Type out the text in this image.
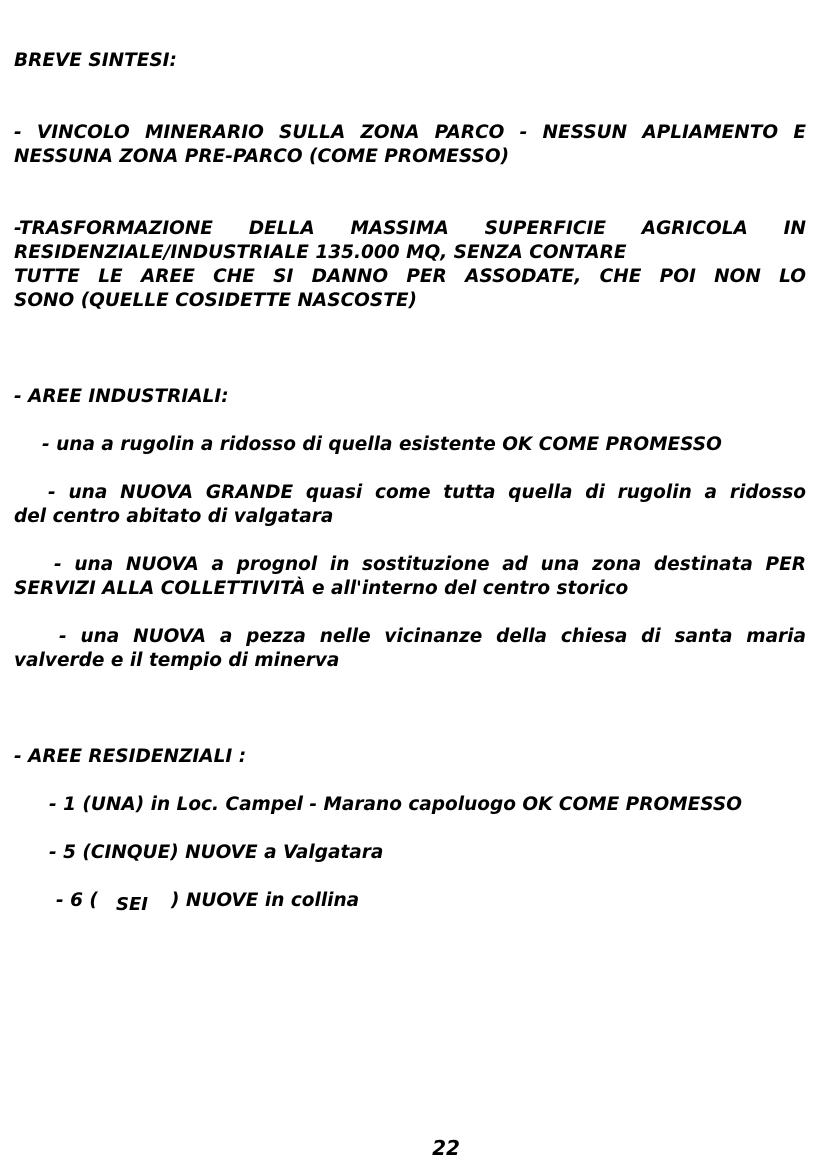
BREVE SINTESI:
- VINCOLO MINERARIO SULLA ZONA PARCO - NESSUN APLIAMENTO E
NESSUNA ZONA PRE-PARCO (COME PROMESSO)
-TRASFORMAZIONE DELLA MASSIMA SUPERFICIE AGRICOLA IN
RESIDENZIALE/INDUSTRIALE 135.000 MQ, SENZA CONTARE
TUTTE LE AREE CHE SI DANNO PER ASSODATE, CHE POI NON LO
SONO (QUELLE COSIDETTE NASCOSTE)
- AREE INDUSTRIALI:
- una a rugolin a ridosso di quella esistente OK COME PROMESSO
- una NUOVA GRANDE quasi come tutta quella di rugolin a ridosso
del centro abitato di valgatara
- una NUOVA a prognol in sostituzione ad una zona destinata PER
SERVIZI ALLA COLLETTIVITÀ e all'interno del centro storico
- una NUOVA a pezza nelle vicinanze della chiesa di santa maria
valverde e il tempio di minerva
- AREE RESIDENZIALI :
- 1 (UNA) in Loc. Campel - Marano capoluogo OK COME PROMESSO
- 5 (CINQUE) NUOVE a Valgatara
- 6 ( SEI ) NUOVE in collina
22
